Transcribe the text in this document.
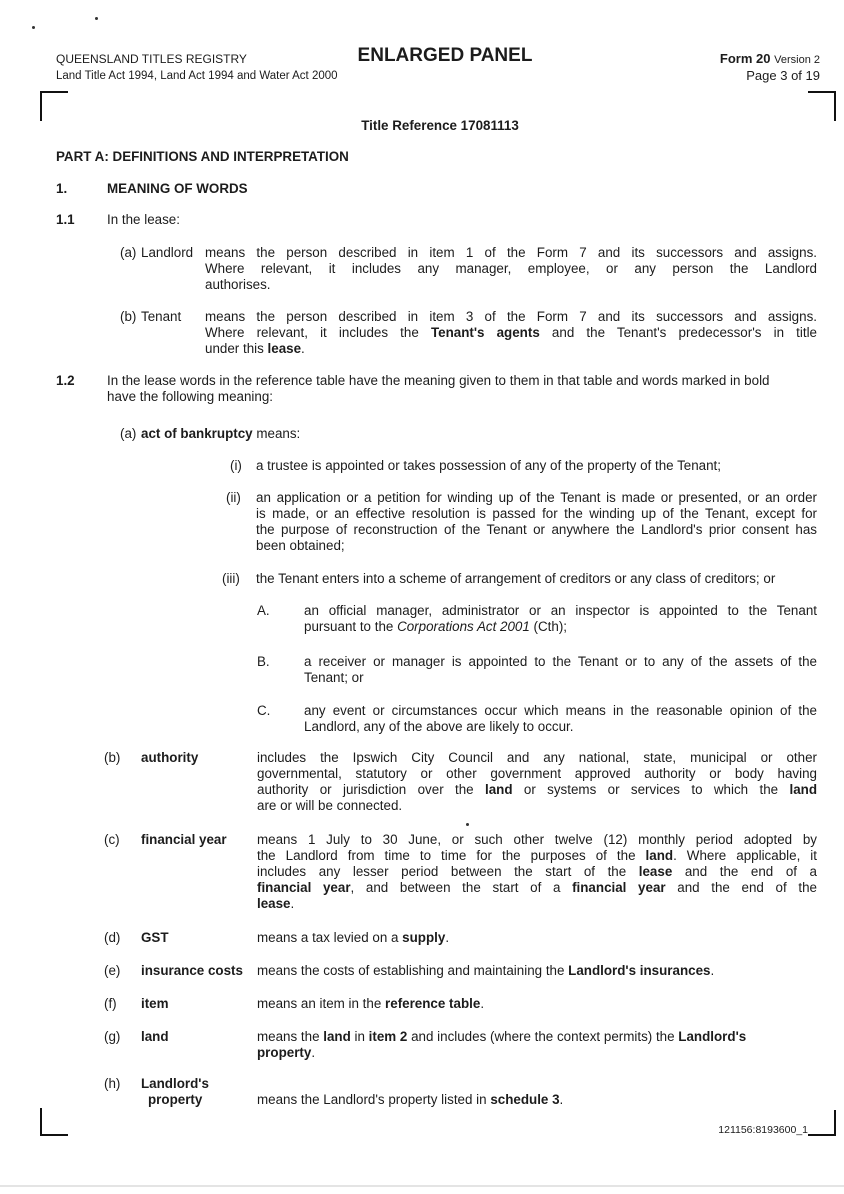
QUEENSLAND TITLES REGISTRY
Land Title Act 1994, Land Act 1994 and Water Act 2000
ENLARGED PANEL	Form 20 Version 2
Page 3 of 19
Title Reference 17081113
PART A: DEFINITIONS AND INTERPRETATION
1.	MEANING OF WORDS
1.1 In the lease:
(a) Landlord means the person described in item 1 of the Form 7 and its successors and assigns.
Where relevant, it includes any manager, employee, or any person the Landlord
authorises.
(b) Tenant means the person described in item 3 of the Form 7 and its successors and assigns.
Where relevant, it includes the Tenant's agents and the Tenant's predecessor's in title
under this lease.
1.2 In the lease words in the reference table have the meaning given to them in that table and words marked in bold
have the following meaning:
(a) act of bankruptcy means:
(i) a trustee is appointed or takes possession of any of the property of the Tenant;
(ii) an application or a petition for winding up of the Tenant is made or presented, or an order
is made, or an effective resolution is passed for the winding up of the Tenant, except for
the purpose of reconstruction of the Tenant or anywhere the Landlord's prior consent has
been obtained;
(iii) the Tenant enters into a scheme of arrangement of creditors or any class of creditors; or
A.	an official manager, administrator or an inspector is appointed to the Tenant
pursuant to the Corporations Act 2001 (Cth);
B.	a receiver or manager is appointed to the Tenant or to any of the assets of the
Tenant; or
C.	any event or circumstances occur which means in the reasonable opinion of the
Landlord, any of the above are likely to occur.
(b) authority	includes the Ipswich City Council and any national, state, municipal or other
governmental, statutory or other government approved authority or body having
authority or jurisdiction over the land or systems or services to which the land
are or will be connected.
(c) financial year means 1 July to 30 June, or such other twelve (12) monthly period adopted by
the Landlord from time to time for the purposes of the land. Where applicable, it
includes any lesser period between the start of the lease and the end of a
financial year, and between the start of a financial year and the end of the
lease.
(d) GST	means a tax levied on a supply.
(e) insurance costs means the costs of establishing and maintaining the Landlord's insurances.
(f) item	means an item in the reference table.
(g) land	means the land in item 2 and includes (where the context permits) the Landlord's
property.
(h) Landlord's
property	means the Landlord's property listed in schedule 3.
121156:8193600_1
